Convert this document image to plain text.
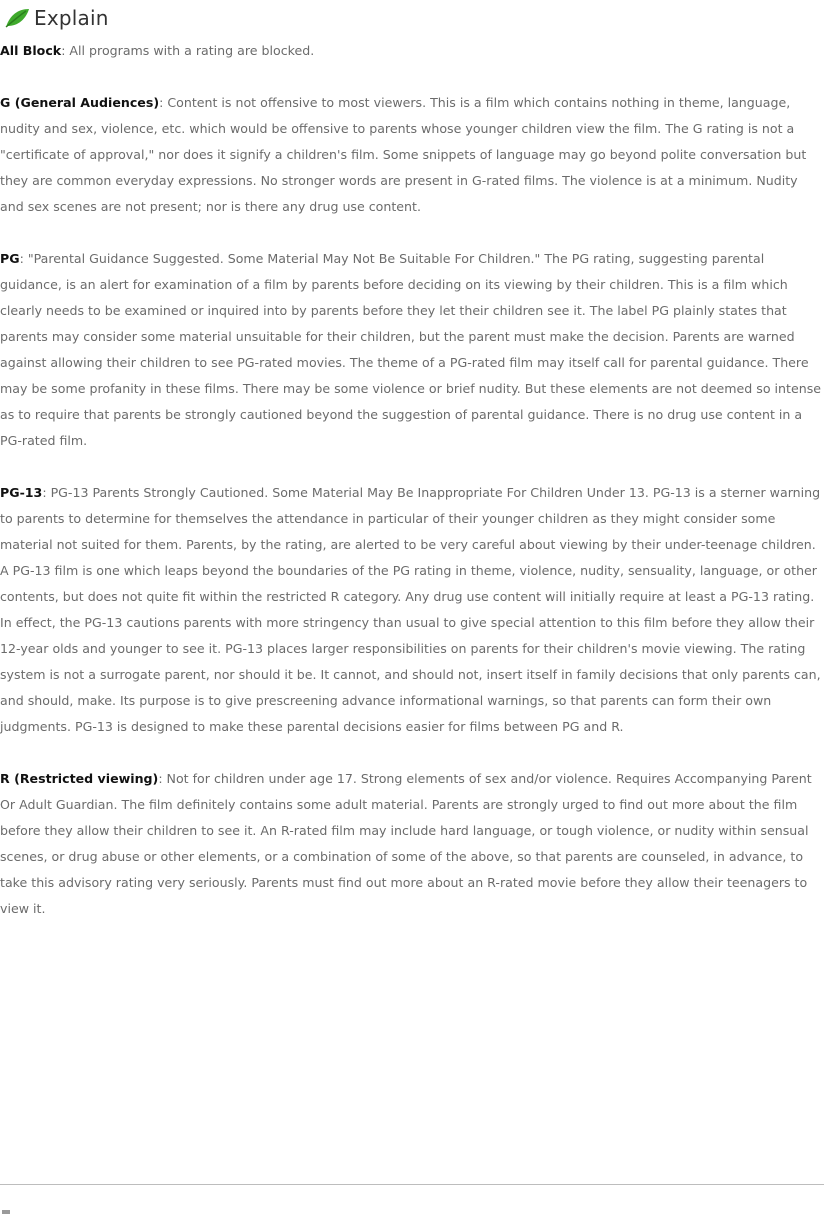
Explain

All Block: All programs with a rating are blocked.

G (General Audiences): Content is not offensive to most viewers. This is a film which contains nothing in theme, language, nudity and sex, violence, etc. which would be offensive to parents whose younger children view the film. The G rating is not a "certificate of approval," nor does it signify a children's film. Some snippets of language may go beyond polite conversation but they are common everyday expressions. No stronger words are present in G-rated films. The violence is at a minimum. Nudity and sex scenes are not present; nor is there any drug use content.

PG: "Parental Guidance Suggested. Some Material May Not Be Suitable For Children." The PG rating, suggesting parental guidance, is an alert for examination of a film by parents before deciding on its viewing by their children. This is a film which clearly needs to be examined or inquired into by parents before they let their children see it. The label PG plainly states that parents may consider some material unsuitable for their children, but the parent must make the decision. Parents are warned against allowing their children to see PG-rated movies. The theme of a PG-rated film may itself call for parental guidance. There may be some profanity in these films. There may be some violence or brief nudity. But these elements are not deemed so intense as to require that parents be strongly cautioned beyond the suggestion of parental guidance. There is no drug use content in a PG-rated film.

PG-13: PG-13 Parents Strongly Cautioned. Some Material May Be Inappropriate For Children Under 13. PG-13 is a sterner warning to parents to determine for themselves the attendance in particular of their younger children as they might consider some material not suited for them. Parents, by the rating, are alerted to be very careful about viewing by their under-teenage children.

A PG-13 film is one which leaps beyond the boundaries of the PG rating in theme, violence, nudity, sensuality, language, or other contents, but does not quite fit within the restricted R category. Any drug use content will initially require at least a PG-13 rating. In effect, the PG-13 cautions parents with more stringency than usual to give special attention to this film before they allow their 12-year olds and younger to see it. PG-13 places larger responsibilities on parents for their children's movie viewing. The rating system is not a surrogate parent, nor should it be. It cannot, and should not, insert itself in family decisions that only parents can, and should, make. Its purpose is to give prescreening advance informational warnings, so that parents can form their own judgments. PG-13 is designed to make these parental decisions easier for films between PG and R.

R (Restricted viewing): Not for children under age 17. Strong elements of sex and/or violence. Requires Accompanying Parent Or Adult Guardian. The film definitely contains some adult material. Parents are strongly urged to find out more about the film before they allow their children to see it. An R-rated film may include hard language, or tough violence, or nudity within sensual scenes, or drug abuse or other elements, or a combination of some of the above, so that parents are counseled, in advance, to take this advisory rating very seriously. Parents must find out more about an R-rated movie before they allow their teenagers to view it.
